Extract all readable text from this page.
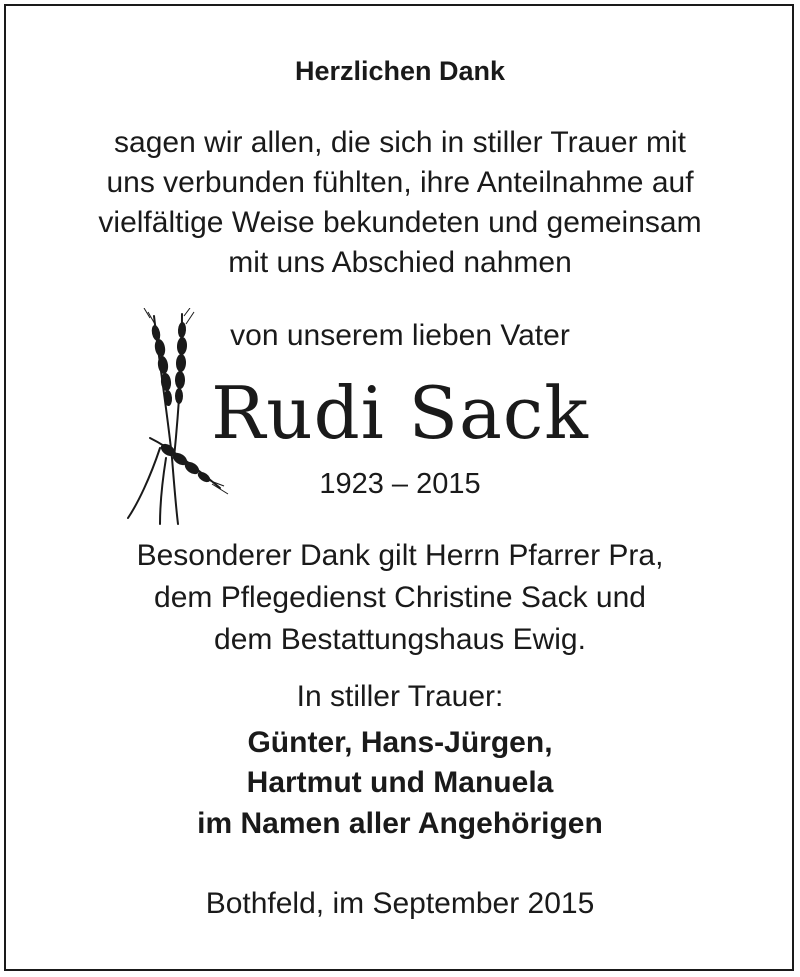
Herzlichen Dank
sagen wir allen, die sich in stiller Trauer mit
uns verbunden fühlten, ihre Anteilnahme auf
vielfältige Weise bekundeten und gemeinsam
mit uns Abschied nahmen
von unserem lieben Vater
Rudi Sack
1923 – 2015
Besonderer Dank gilt Herrn Pfarrer Pra,
dem Pflegedienst Christine Sack und
dem Bestattungshaus Ewig.
In stiller Trauer:
Günter, Hans-Jürgen,
Hartmut und Manuela
im Namen aller Angehörigen
Bothfeld, im September 2015
